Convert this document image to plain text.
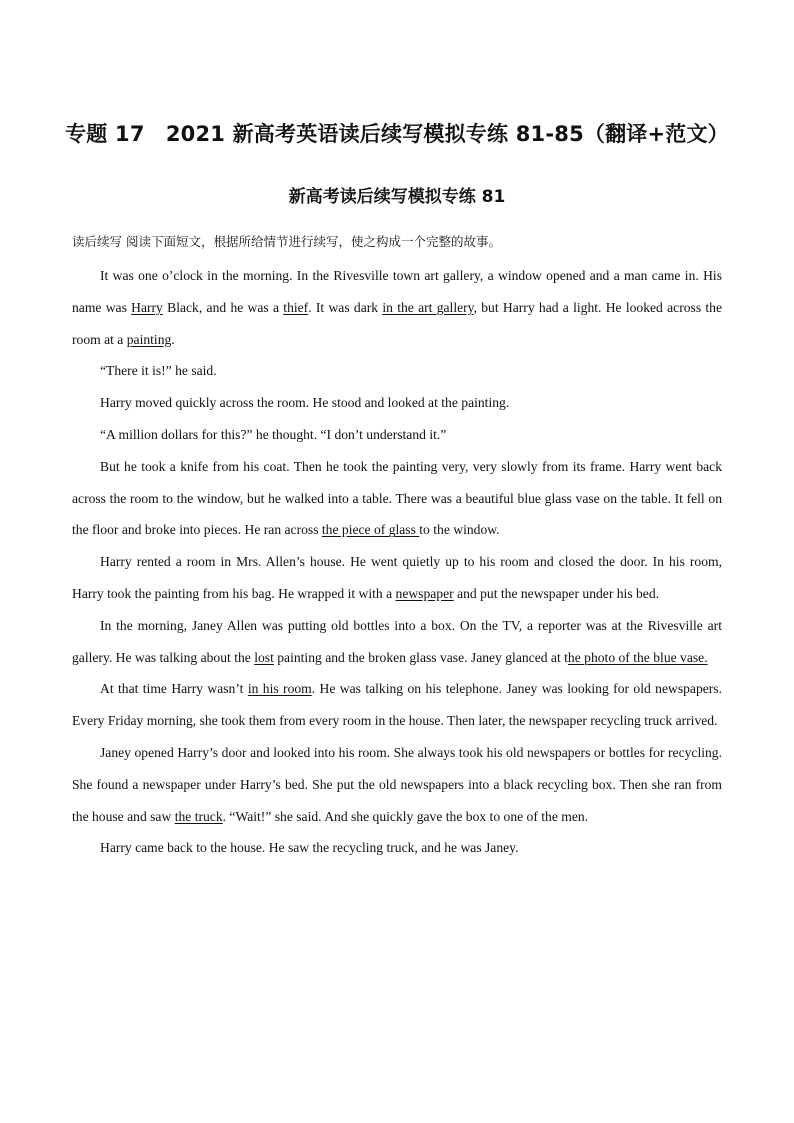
专题 17　2021 新高考英语读后续写模拟专练 81-85（翻译+范文）
新高考读后续写模拟专练 81
读后续写 阅读下面短文，根据所给情节进行续写，使之构成一个完整的故事。

It was one o’clock in the morning. In the Rivesville town art gallery, a window opened and a man came in. His name was Harry Black, and he was a thief. It was dark in the art gallery, but Harry had a light. He looked across the room at a painting.

“There it is!” he said.

Harry moved quickly across the room. He stood and looked at the painting.

“A million dollars for this?” he thought. “I don’t understand it.”

But he took a knife from his coat. Then he took the painting very, very slowly from its frame. Harry went back across the room to the window, but he walked into a table. There was a beautiful blue glass vase on the table. It fell on the floor and broke into pieces. He ran across the piece of glass to the window.

Harry rented a room in Mrs. Allen’s house. He went quietly up to his room and closed the door. In his room, Harry took the painting from his bag. He wrapped it with a newspaper and put the newspaper under his bed.

In the morning, Janey Allen was putting old bottles into a box. On the TV, a reporter was at the Rivesville art gallery. He was talking about the lost painting and the broken glass vase. Janey glanced at the photo of the blue vase.

At that time Harry wasn’t in his room. He was talking on his telephone. Janey was looking for old newspapers. Every Friday morning, she took them from every room in the house. Then later, the newspaper recycling truck arrived.

Janey opened Harry’s door and looked into his room. She always took his old newspapers or bottles for recycling. She found a newspaper under Harry’s bed. She put the old newspapers into a black recycling box. Then she ran from the house and saw the truck. “Wait!” she said. And she quickly gave the box to one of the men.

Harry came back to the house. He saw the recycling truck, and he was Janey.
